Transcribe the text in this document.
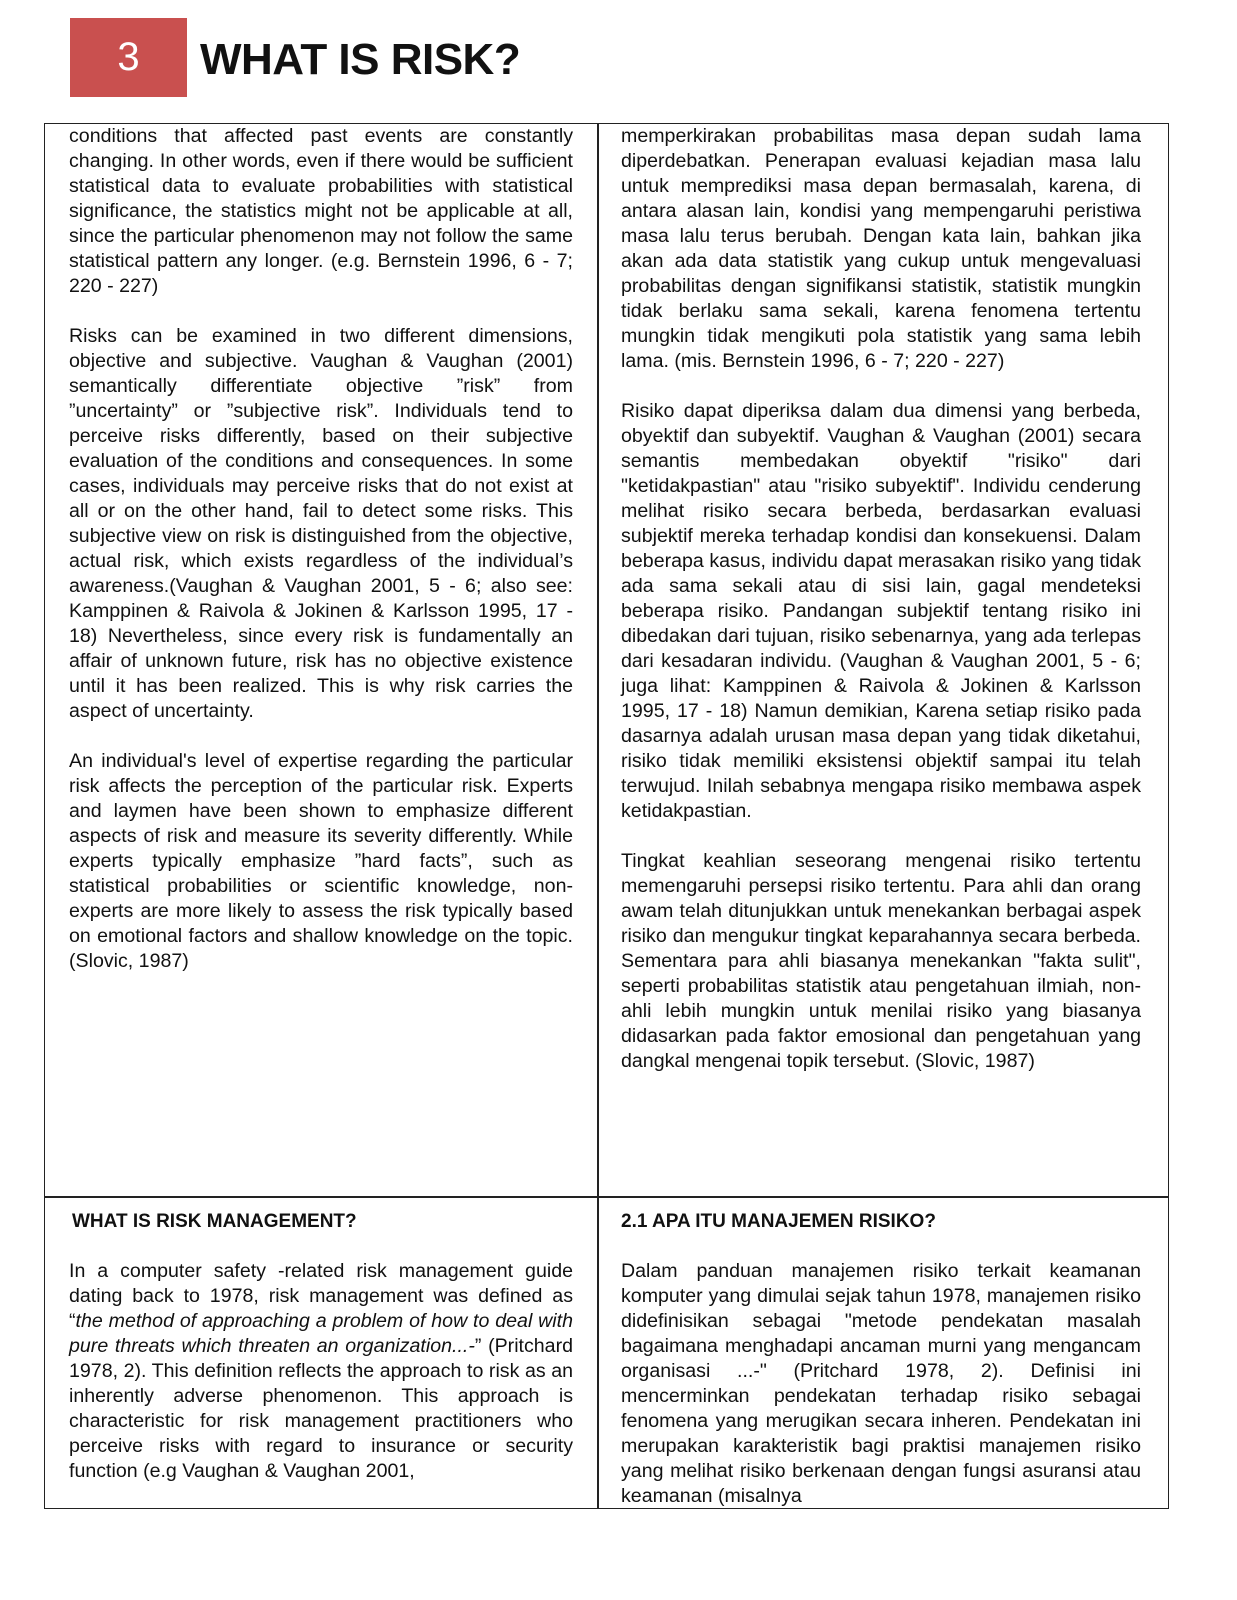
3 WHAT IS RISK?

conditions that affected past events are constantly changing. In other words, even if there would be sufficient statistical data to evaluate probabilities with statistical significance, the statistics might not be applicable at all, since the particular phenomenon may not follow the same statistical pattern any longer. (e.g. Bernstein 1996, 6 - 7; 220 - 227)

Risks can be examined in two different dimensions, objective and subjective. Vaughan & Vaughan (2001) semantically differentiate objective ”risk” from ”uncertainty” or ”subjective risk”. Individuals tend to perceive risks differently, based on their subjective evaluation of the conditions and consequences. In some cases, individuals may perceive risks that do not exist at all or on the other hand, fail to detect some risks. This subjective view on risk is distinguished from the objective, actual risk, which exists regardless of the individual’s awareness.(Vaughan & Vaughan 2001, 5 - 6; also see: Kamppinen & Raivola & Jokinen & Karlsson 1995, 17 - 18) Nevertheless, since every risk is fundamentally an affair of unknown future, risk has no objective existence until it has been realized. This is why risk carries the aspect of uncertainty.

An individual's level of expertise regarding the particular risk affects the perception of the particular risk. Experts and laymen have been shown to emphasize different aspects of risk and measure its severity differently. While experts typically emphasize ”hard facts”, such as statistical probabilities or scientific knowledge, non-experts are more likely to assess the risk typically based on emotional factors and shallow knowledge on the topic. (Slovic, 1987)

memperkirakan probabilitas masa depan sudah lama diperdebatkan. Penerapan evaluasi kejadian masa lalu untuk memprediksi masa depan bermasalah, karena, di antara alasan lain, kondisi yang mempengaruhi peristiwa masa lalu terus berubah. Dengan kata lain, bahkan jika akan ada data statistik yang cukup untuk mengevaluasi probabilitas dengan signifikansi statistik, statistik mungkin tidak berlaku sama sekali, karena fenomena tertentu mungkin tidak mengikuti pola statistik yang sama lebih lama. (mis. Bernstein 1996, 6 - 7; 220 - 227)

Risiko dapat diperiksa dalam dua dimensi yang berbeda, obyektif dan subyektif. Vaughan & Vaughan (2001) secara semantis membedakan obyektif "risiko" dari "ketidakpastian" atau "risiko subyektif". Individu cenderung melihat risiko secara berbeda, berdasarkan evaluasi subjektif mereka terhadap kondisi dan konsekuensi. Dalam beberapa kasus, individu dapat merasakan risiko yang tidak ada sama sekali atau di sisi lain, gagal mendeteksi beberapa risiko. Pandangan subjektif tentang risiko ini dibedakan dari tujuan, risiko sebenarnya, yang ada terlepas dari kesadaran individu. (Vaughan & Vaughan 2001, 5 - 6; juga lihat: Kamppinen & Raivola & Jokinen & Karlsson 1995, 17 - 18) Namun demikian, Karena setiap risiko pada dasarnya adalah urusan masa depan yang tidak diketahui, risiko tidak memiliki eksistensi objektif sampai itu telah terwujud. Inilah sebabnya mengapa risiko membawa aspek ketidakpastian.

Tingkat keahlian seseorang mengenai risiko tertentu memengaruhi persepsi risiko tertentu. Para ahli dan orang awam telah ditunjukkan untuk menekankan berbagai aspek risiko dan mengukur tingkat keparahannya secara berbeda. Sementara para ahli biasanya menekankan "fakta sulit", seperti probabilitas statistik atau pengetahuan ilmiah, non-ahli lebih mungkin untuk menilai risiko yang biasanya didasarkan pada faktor emosional dan pengetahuan yang dangkal mengenai topik tersebut. (Slovic, 1987)

WHAT IS RISK MANAGEMENT?

In a computer safety -related risk management guide dating back to 1978, risk management was defined as “the method of approaching a problem of how to deal with pure threats which threaten an organization...-” (Pritchard 1978, 2). This definition reflects the approach to risk as an inherently adverse phenomenon. This approach is characteristic for risk management practitioners who perceive risks with regard to insurance or security function (e.g Vaughan & Vaughan 2001,

2.1 APA ITU MANAJEMEN RISIKO?

Dalam panduan manajemen risiko terkait keamanan komputer yang dimulai sejak tahun 1978, manajemen risiko didefinisikan sebagai "metode pendekatan masalah bagaimana menghadapi ancaman murni yang mengancam organisasi ...-" (Pritchard 1978, 2). Definisi ini mencerminkan pendekatan terhadap risiko sebagai fenomena yang merugikan secara inheren. Pendekatan ini merupakan karakteristik bagi praktisi manajemen risiko yang melihat risiko berkenaan dengan fungsi asuransi atau keamanan (misalnya
